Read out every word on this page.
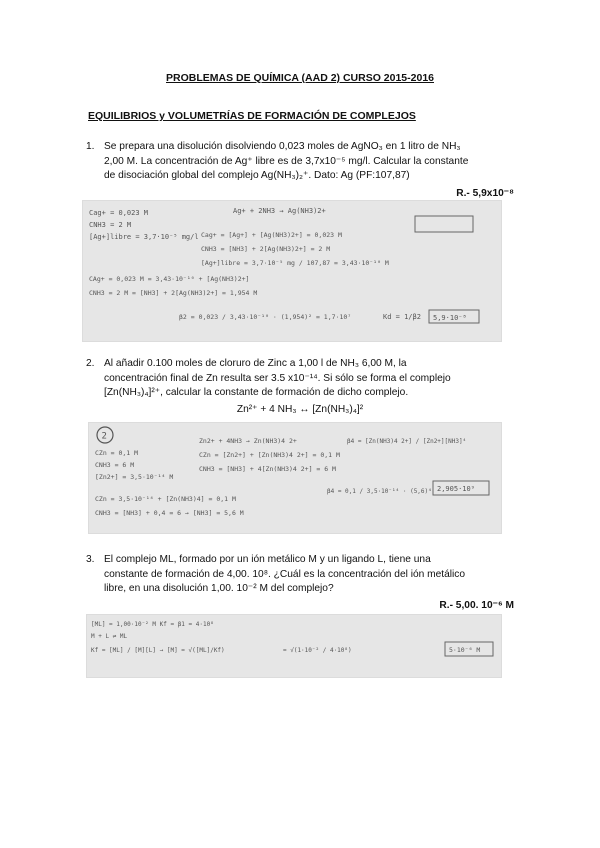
PROBLEMAS DE QUÍMICA (AAD 2) CURSO 2015-2016
EQUILIBRIOS y VOLUMETRÍAS DE FORMACIÓN DE COMPLEJOS
1. Se prepara una disolución disolviendo 0,023 moles de AgNO₃ en 1 litro de NH₃
2,00 M. La concentración de Ag⁺ libre es de 3,7x10⁻⁵ mg/l. Calcular la constante
de disociación global del complejo Ag(NH₃)₂⁺. Dato: Ag (PF:107,87)
R.- 5,9x10⁻⁸
Cag+ = 0,023 M
CNH3 = 2 M
[Ag+]libre = 3,7·10⁻⁵ mg/l
Ag+ + 2NH3 → Ag(NH3)2+
Cag+ = [Ag+] + [Ag(NH3)2+] = 0,023 M
CNH3 = [NH3] + 2[Ag(NH3)2+] = 2 M
[Ag+]libre = 3,7·10⁻⁵ mg / 107,87 = 3,43·10⁻¹⁰ M
CAg+ = 0,023 M = 3,43·10⁻¹⁰ + [Ag(NH3)2+]
CNH3 = 2 M = [NH3] + 2[Ag(NH3)2+] = 1,954 M
β2 = 0,023 / 3,43·10⁻¹⁰ · (1,954)² = 1,7·10⁷	Kd = 1/β2 5,9·10⁻⁸
2. Al añadir 0.100 moles de cloruro de Zinc a 1,00 l de NH₃ 6,00 M, la
concentración final de Zn resulta ser 3.5 x10⁻¹⁴. Si sólo se forma el complejo
[Zn(NH₃)₄]²⁺, calcular la constante de formación de dicho complejo.
Zn²⁺ + 4 NH₃ ↔ [Zn(NH₃)₄]²
2
CZn = 0,1 M
CNH3 = 6 M
[Zn2+] = 3,5·10⁻¹⁴ M
Zn2+ + 4NH3 → Zn(NH3)4 2+
CZn = [Zn2+] + [Zn(NH3)4 2+] = 0,1 M
CNH3 = [NH3] + 4[Zn(NH3)4 2+] = 6 M
β4 = [Zn(NH3)4 2+] / [Zn2+][NH3]⁴
CZn = 3,5·10⁻¹⁴ + [Zn(NH3)4] = 0,1 M
CNH3 = [NH3] + 0,4 = 6 → [NH3] = 5,6 M
β4 = 0,1 / 3,5·10⁻¹⁴ · (5,6)⁴ 2,905·10⁹
3. El complejo ML, formado por un ión metálico M y un ligando L, tiene una
constante de formación de 4,00. 10⁸. ¿Cuál es la concentración del ión metálico
libre, en una disolución 1,00. 10⁻² M del complejo?
R.- 5,00. 10⁻⁶ M
[ML] = 1,00·10⁻² M Kf = β1 = 4·10⁸
M + L ⇌ ML
Kf = [ML] / [M][L] → [M] = √([ML]/Kf)	= √(1·10⁻² / 4·10⁸)	5·10⁻⁶ M
